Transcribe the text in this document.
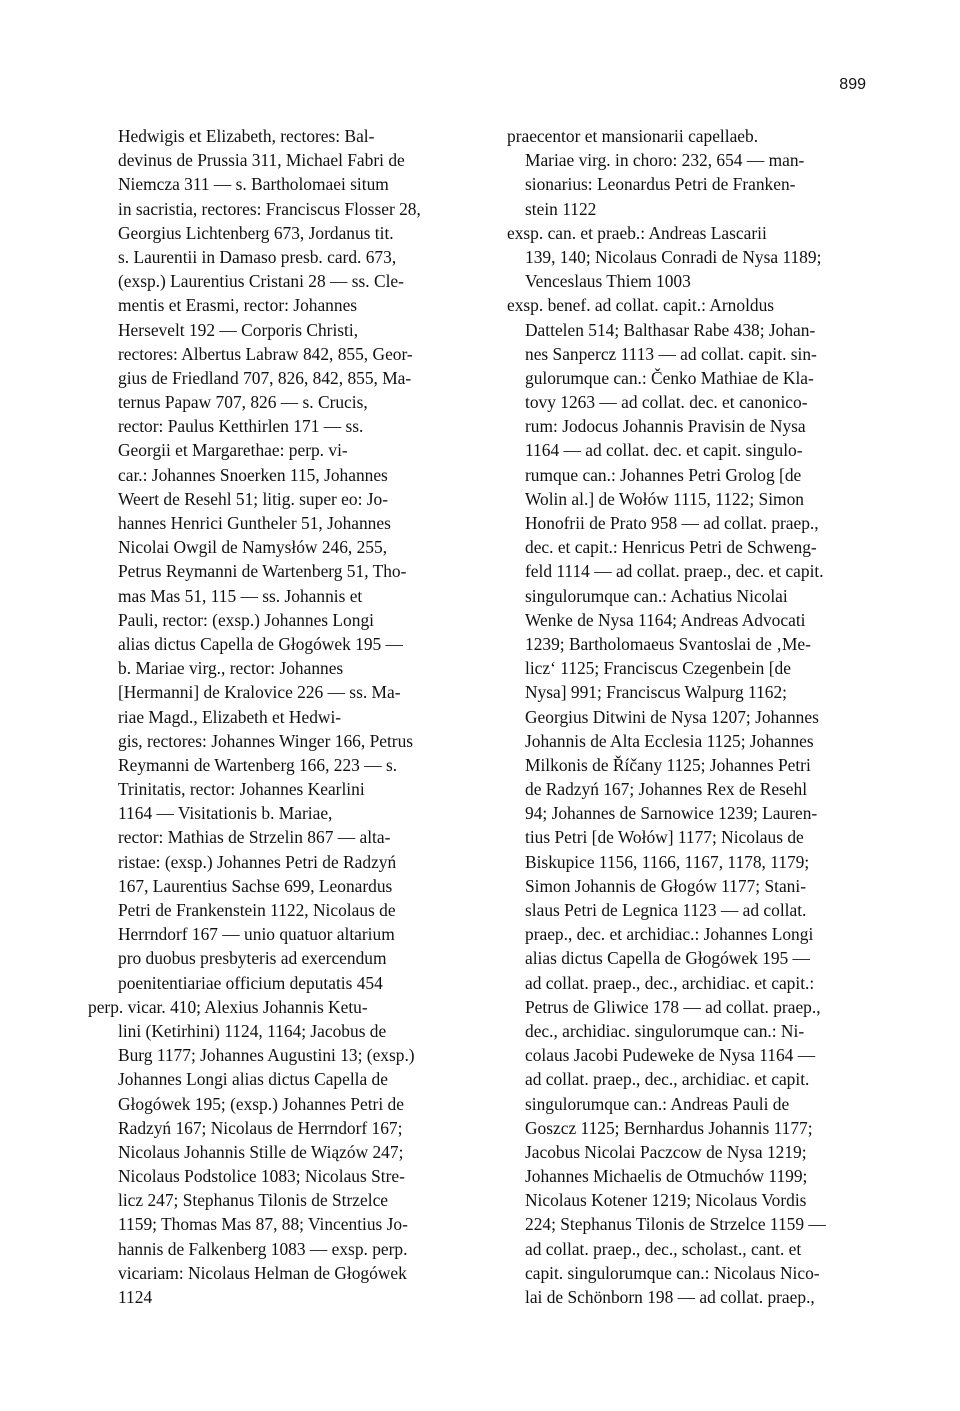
899
Hedwigis et Elizabeth, rectores: Bal-
devinus de Prussia 311, Michael Fabri de
Niemcza 311 — s. Bartholomaei situm
in sacristia, rectores: Franciscus Flosser 28,
Georgius Lichtenberg 673, Jordanus tit.
s. Laurentii in Damaso presb. card. 673,
(exsp.) Laurentius Cristani 28 — ss. Cle-
mentis et Erasmi, rector: Johannes
Hersevelt 192 — Corporis Christi,
rectores: Albertus Labraw 842, 855, Geor-
gius de Friedland 707, 826, 842, 855, Ma-
ternus Papaw 707, 826 — s. Crucis,
rector: Paulus Ketthirlen 171 — ss.
Georgii et Margarethae: perp. vi-
car.: Johannes Snoerken 115, Johannes
Weert de Resehl 51; litig. super eo: Jo-
hannes Henrici Guntheler 51, Johannes
Nicolai Owgil de Namysłów 246, 255,
Petrus Reymanni de Wartenberg 51, Tho-
mas Mas 51, 115 — ss. Johannis et
Pauli, rector: (exsp.) Johannes Longi
alias dictus Capella de Głogówek 195 —
b. Mariae virg., rector: Johannes
[Hermanni] de Kralovice 226 — ss. Ma-
riae Magd., Elizabeth et Hedwi-
gis, rectores: Johannes Winger 166, Petrus
Reymanni de Wartenberg 166, 223 — s.
Trinitatis, rector: Johannes Kearlini
1164 — Visitationis b. Mariae,
rector: Mathias de Strzelin 867 — alta-
ristae: (exsp.) Johannes Petri de Radzyń
167, Laurentius Sachse 699, Leonardus
Petri de Frankenstein 1122, Nicolaus de
Herrndorf 167 — unio quatuor altarium
pro duobus presbyteris ad exercendum
poenitentiariae officium deputatis 454
perp. vicar. 410; Alexius Johannis Ketu-
lini (Ketirhini) 1124, 1164; Jacobus de
Burg 1177; Johannes Augustini 13; (exsp.)
Johannes Longi alias dictus Capella de
Głogówek 195; (exsp.) Johannes Petri de
Radzyń 167; Nicolaus de Herrndorf 167;
Nicolaus Johannis Stille de Wiązów 247;
Nicolaus Podstolice 1083; Nicolaus Stre-
licz 247; Stephanus Tilonis de Strzelce
1159; Thomas Mas 87, 88; Vincentius Jo-
hannis de Falkenberg 1083 — exsp. perp.
vicariam: Nicolaus Helman de Głogówek
1124
praecentor et mansionarii capellaeb.
Mariae virg. in choro: 232, 654 — man-
sionarius: Leonardus Petri de Franken-
stein 1122
exsp. can. et praeb.: Andreas Lascarii
139, 140; Nicolaus Conradi de Nysa 1189;
Venceslaus Thiem 1003
exsp. benef. ad collat. capit.: Arnoldus
Dattelen 514; Balthasar Rabe 438; Johan-
nes Sanpercz 1113 — ad collat. capit. sin-
gulorumque can.: Čenko Mathiae de Kla-
tovy 1263 — ad collat. dec. et canonico-
rum: Jodocus Johannis Pravisin de Nysa
1164 — ad collat. dec. et capit. singulo-
rumque can.: Johannes Petri Grolog [de
Wolin al.] de Wołów 1115, 1122; Simon
Honofrii de Prato 958 — ad collat. praep.,
dec. et capit.: Henricus Petri de Schweng-
feld 1114 — ad collat. praep., dec. et capit.
singulorumque can.: Achatius Nicolai
Wenke de Nysa 1164; Andreas Advocati
1239; Bartholomaeus Svantoslai de ‚Me-
licz‘ 1125; Franciscus Czegenbein [de
Nysa] 991; Franciscus Walpurg 1162;
Georgius Ditwini de Nysa 1207; Johannes
Johannis de Alta Ecclesia 1125; Johannes
Milkonis de Říčany 1125; Johannes Petri
de Radzyń 167; Johannes Rex de Resehl
94; Johannes de Sarnowice 1239; Lauren-
tius Petri [de Wołów] 1177; Nicolaus de
Biskupice 1156, 1166, 1167, 1178, 1179;
Simon Johannis de Głogów 1177; Stani-
slaus Petri de Legnica 1123 — ad collat.
praep., dec. et archidiac.: Johannes Longi
alias dictus Capella de Głogówek 195 —
ad collat. praep., dec., archidiac. et capit.:
Petrus de Gliwice 178 — ad collat. praep.,
dec., archidiac. singulorumque can.: Ni-
colaus Jacobi Pudeweke de Nysa 1164 —
ad collat. praep., dec., archidiac. et capit.
singulorumque can.: Andreas Pauli de
Goszcz 1125; Bernhardus Johannis 1177;
Jacobus Nicolai Paczcow de Nysa 1219;
Johannes Michaelis de Otmuchów 1199;
Nicolaus Kotener 1219; Nicolaus Vordis
224; Stephanus Tilonis de Strzelce 1159 —
ad collat. praep., dec., scholast., cant. et
capit. singulorumque can.: Nicolaus Nico-
lai de Schönborn 198 — ad collat. praep.,
